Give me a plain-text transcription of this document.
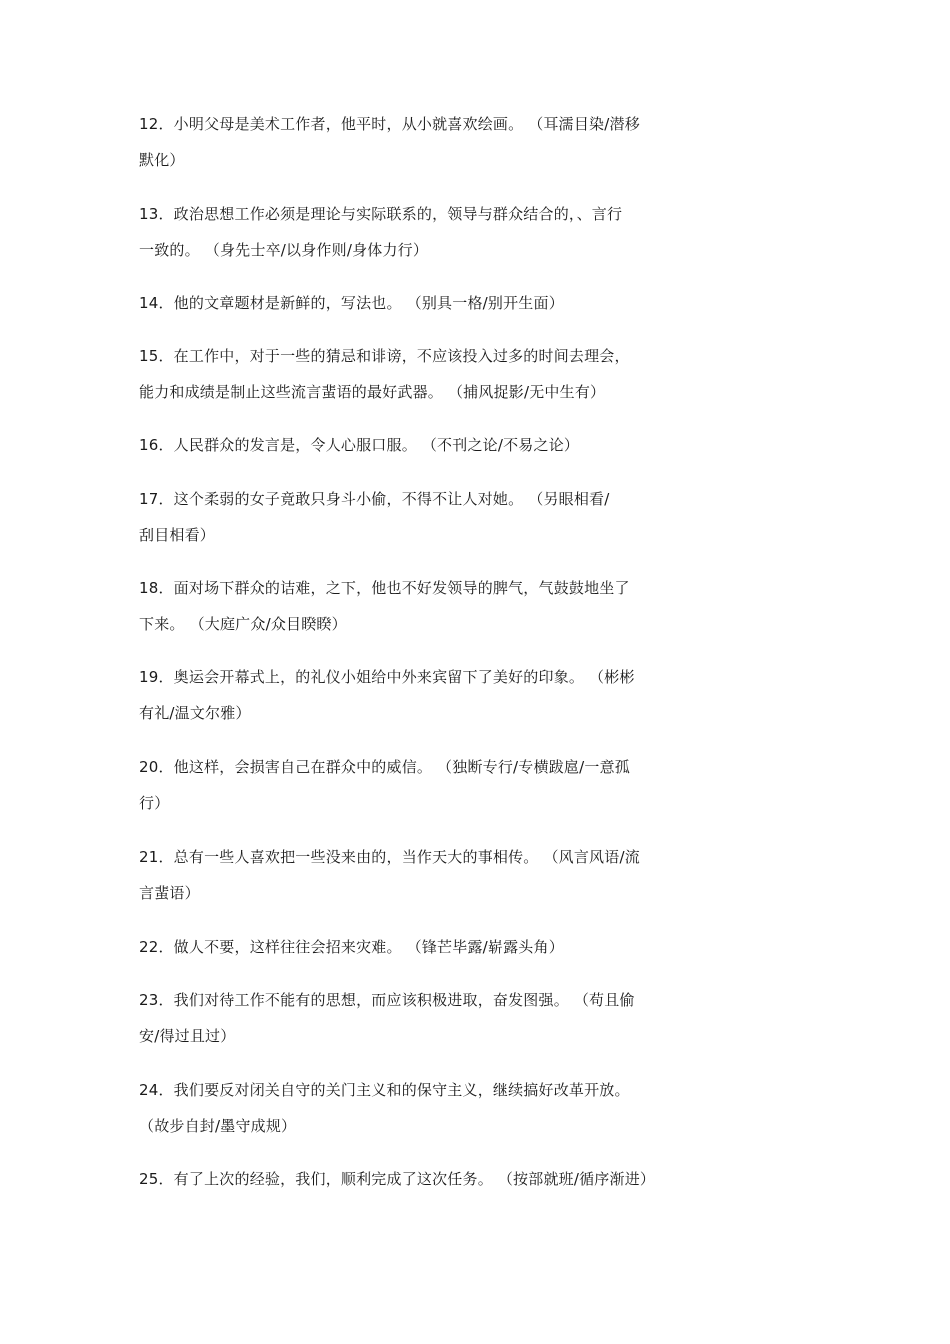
12．小明父母是美术工作者，他平时，从小就喜欢绘画。 （耳濡目染/潜移
默化）
13．政治思想工作必须是理论与实际联系的，领导与群众结合的，、言行
一致的。 （身先士卒/以身作则/身体力行）
14．他的文章题材是新鲜的，写法也。 （别具一格/别开生面）
15．在工作中，对于一些的猜忌和诽谤，不应该投入过多的时间去理会，
能力和成绩是制止这些流言蜚语的最好武器。 （捕风捉影/无中生有）
16．人民群众的发言是，令人心服口服。 （不刊之论/不易之论）
17．这个柔弱的女子竟敢只身斗小偷，不得不让人对她。 （另眼相看/
刮目相看）
18．面对场下群众的诘难，之下，他也不好发领导的脾气，气鼓鼓地坐了
下来。 （大庭广众/众目睽睽）
19．奥运会开幕式上，的礼仪小姐给中外来宾留下了美好的印象。 （彬彬
有礼/温文尔雅）
20．他这样，会损害自己在群众中的威信。 （独断专行/专横跋扈/一意孤
行）
21．总有一些人喜欢把一些没来由的，当作天大的事相传。 （风言风语/流
言蜚语）
22．做人不要，这样往往会招来灾难。 （锋芒毕露/崭露头角）
23．我们对待工作不能有的思想，而应该积极进取，奋发图强。 （苟且偷
安/得过且过）
24．我们要反对闭关自守的关门主义和的保守主义，继续搞好改革开放。
（故步自封/墨守成规）
25．有了上次的经验，我们，顺利完成了这次任务。 （按部就班/循序渐进）
